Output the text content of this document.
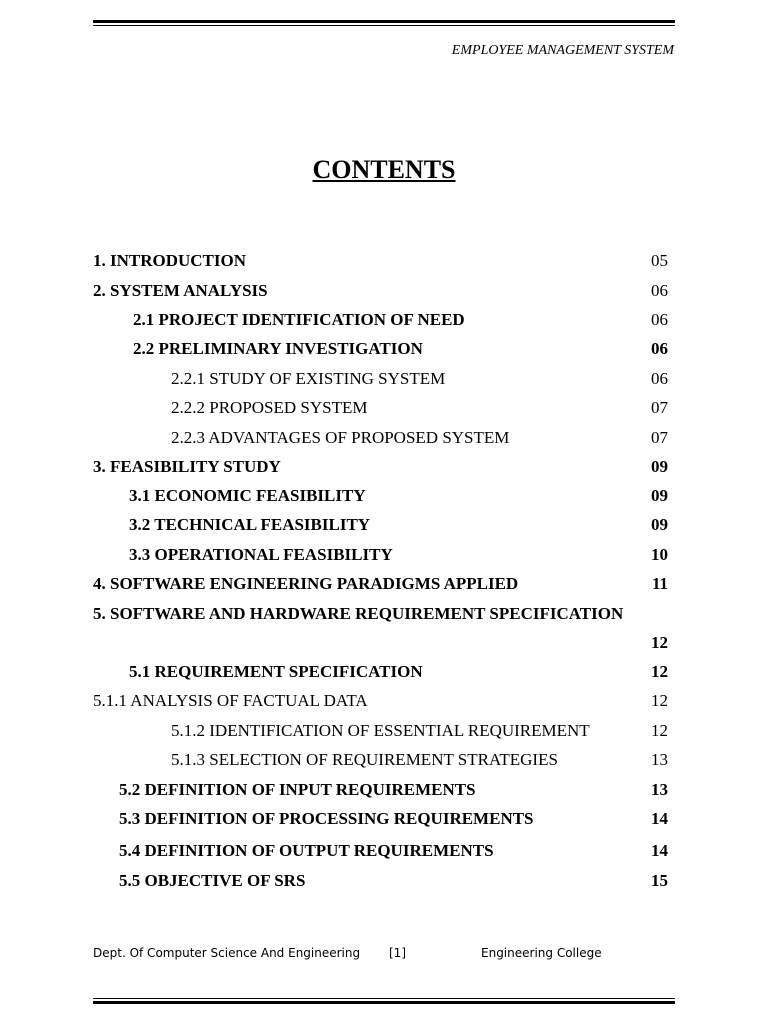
EMPLOYEE MANAGEMENT SYSTEM
CONTENTS
1. INTRODUCTION	05
2. SYSTEM ANALYSIS	06
2.1 PROJECT IDENTIFICATION OF NEED	06
2.2 PRELIMINARY INVESTIGATION	06
2.2.1 STUDY OF EXISTING SYSTEM	06
2.2.2 PROPOSED SYSTEM	07
2.2.3 ADVANTAGES OF PROPOSED SYSTEM	07
3. FEASIBILITY STUDY	09
3.1 ECONOMIC FEASIBILITY	09
3.2 TECHNICAL FEASIBILITY	09
3.3 OPERATIONAL FEASIBILITY	10
4. SOFTWARE ENGINEERING PARADIGMS APPLIED	11
5. SOFTWARE AND HARDWARE REQUIREMENT SPECIFICATION
12
5.1 REQUIREMENT SPECIFICATION	12
5.1.1 ANALYSIS OF FACTUAL DATA	12
5.1.2 IDENTIFICATION OF ESSENTIAL REQUIREMENT	12
5.1.3 SELECTION OF REQUIREMENT STRATEGIES	13
5.2 DEFINITION OF INPUT REQUIREMENTS	13
5.3 DEFINITION OF PROCESSING REQUIREMENTS	14
5.4 DEFINITION OF OUTPUT REQUIREMENTS	14
5.5 OBJECTIVE OF SRS	15
Dept. Of Computer Science And Engineering [1]	Engineering College
